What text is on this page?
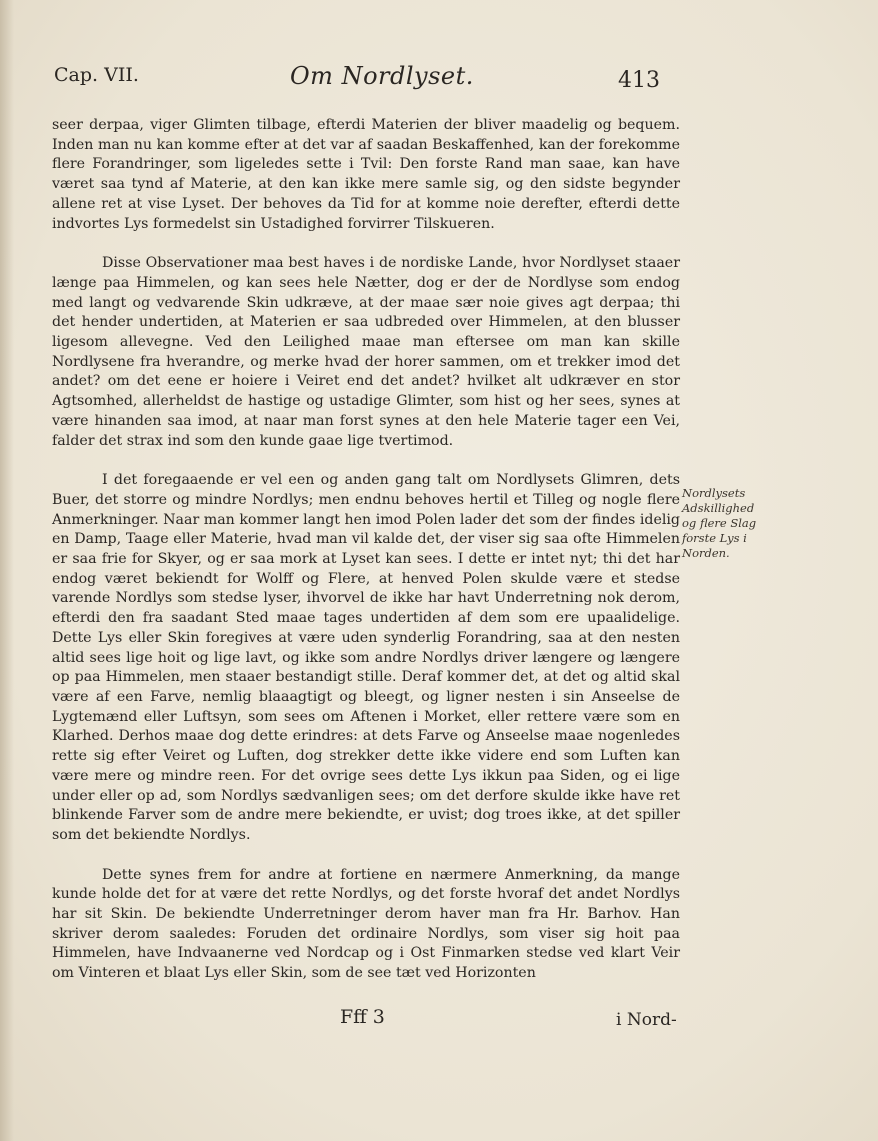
Cap. VII.	Om Nordlyset.	413

seer derpaa, viger Glimten tilbage, efterdi Materien der bliver maadelig og bequem. Inden man nu kan komme efter at det var af saadan Beskaffenhed, kan der forekomme flere Forandringer, som ligeledes sette i Tvil: Den forste Rand man saae, kan have været saa tynd af Materie, at den kan ikke mere samle sig, og den sidste begynder allene ret at vise Lyset. Der behoves da Tid for at komme noie derefter, efterdi dette indvortes Lys formedelst sin Ustadighed forvirrer Tilskueren.

Disse Observationer maa best haves i de nordiske Lande, hvor Nordlyset staaer længe paa Himmelen, og kan sees hele Nætter, dog er der de Nordlyse som endog med langt og vedvarende Skin udkræve, at der maae sær noie gives agt derpaa; thi det hender undertiden, at Materien er saa udbreded over Himmelen, at den blusser ligesom allevegne. Ved den Leilighed maae man eftersee om man kan skille Nordlysene fra hverandre, og merke hvad der horer sammen, om et trekker imod det andet? om det eene er hoiere i Veiret end det andet? hvilket alt udkræver en stor Agtsomhed, allerheldst de hastige og ustadige Glimter, som hist og her sees, synes at være hinanden saa imod, at naar man forst synes at den hele Materie tager een Vei, falder det strax ind som den kunde gaae lige tvertimod.

I det foregaaende er vel een og anden gang talt om Nordlysets Glimren, dets Buer, det storre og mindre Nordlys; men endnu behoves hertil et Tilleg og nogle flere Anmerkninger. Naar man kommer langt hen imod Polen lader det som der findes idelig en Damp, Taage eller Materie, hvad man vil kalde det, der viser sig saa ofte Himmelen er saa frie for Skyer, og er saa mork at Lyset kan sees. I dette er intet nyt; thi det har endog været bekiendt for Wolff og Flere, at henved Polen skulde være et stedse varende Nordlys som stedse lyser, ihvorvel de ikke har havt Underretning nok derom, efterdi den fra saadant Sted maae tages undertiden af dem som ere upaalidelige. Dette Lys eller Skin foregives at være uden synderlig Forandring, saa at den nesten altid sees lige hoit og lige lavt, og ikke som andre Nordlys driver længere og længere op paa Himmelen, men staaer bestandigt stille. Deraf kommer det, at det og altid skal være af een Farve, nemlig blaaagtigt og bleegt, og ligner nesten i sin Anseelse de Lygtemænd eller Luftsyn, som sees om Aftenen i Morket, eller rettere være som en Klarhed. Derhos maae dog dette erindres: at dets Farve og Anseelse maae nogenledes rette sig efter Veiret og Luften, dog strekker dette ikke videre end som Luften kan være mere og mindre reen. For det ovrige sees dette Lys ikkun paa Siden, og ei lige under eller op ad, som Nordlys sædvanligen sees; om det derfore skulde ikke have ret blinkende Farver som de andre mere bekiendte, er uvist; dog troes ikke, at det spiller som det bekiendte Nordlys.

Dette synes frem for andre at fortiene en nærmere Anmerkning, da mange kunde holde det for at være det rette Nordlys, og det forste hvoraf det andet Nordlys har sit Skin. De bekiendte Underretninger derom haver man fra Hr. Barhov. Han skriver derom saaledes: Foruden det ordinaire Nordlys, som viser sig hoit paa Himmelen, have Indvaanerne ved Nordcap og i Ost Finmarken stedse ved klart Veir om Vinteren et blaat Lys eller Skin, som de see tæt ved Horizonten

Nordlysets Adskillighed og flere Slag forste Lys i Norden.
Fff 3	i Nord-
